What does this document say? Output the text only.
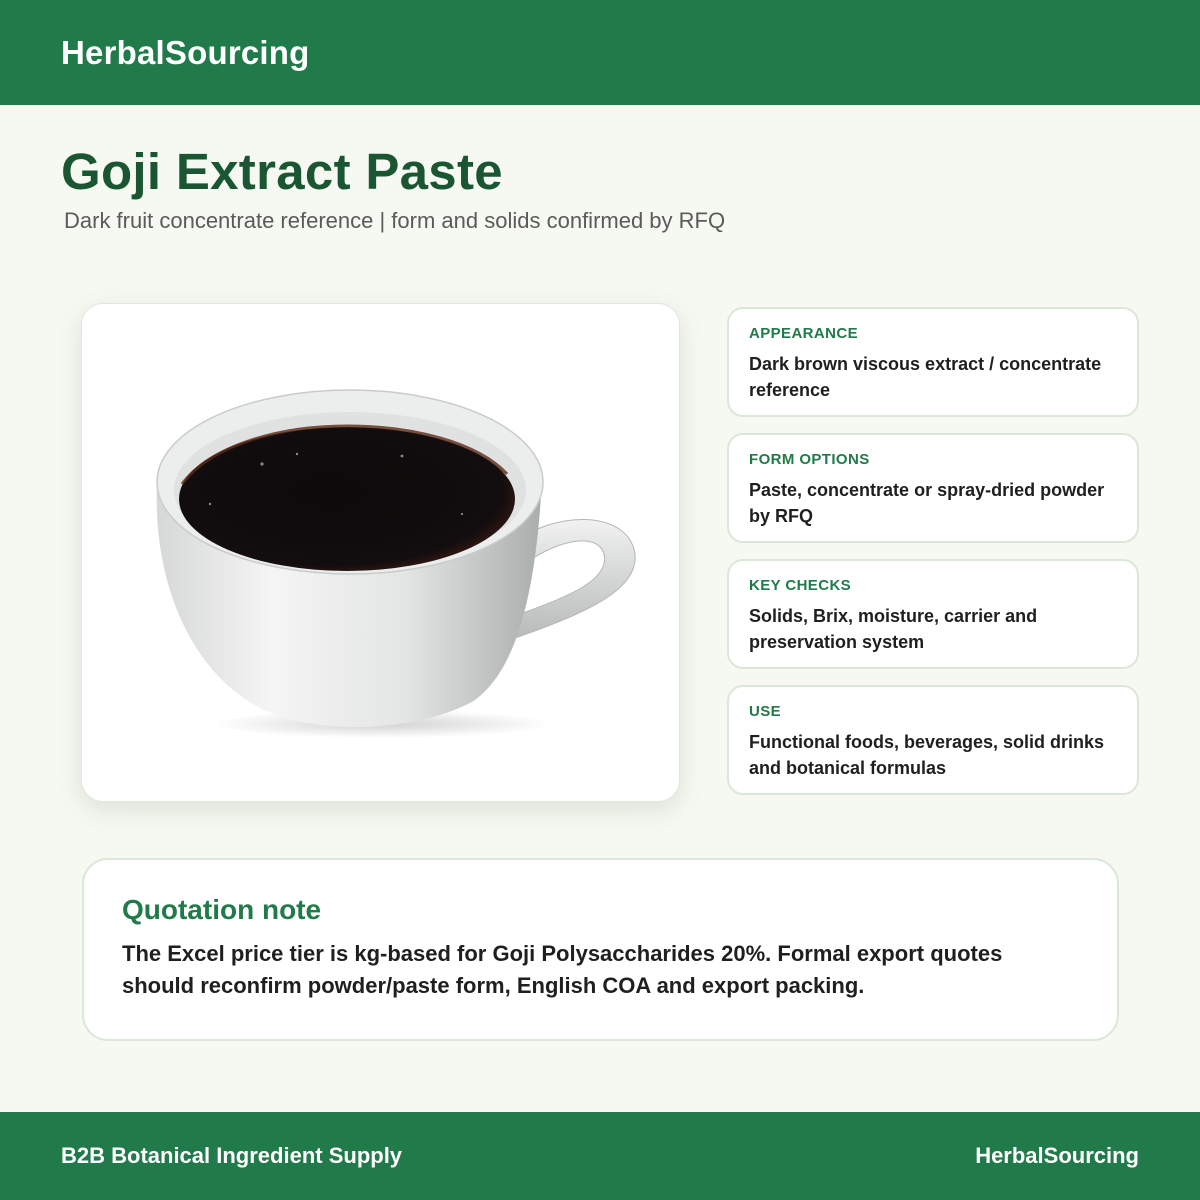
HerbalSourcing
Goji Extract Paste
Dark fruit concentrate reference | form and solids confirmed by RFQ
APPEARANCE
Dark brown viscous extract / concentrate reference
FORM OPTIONS
Paste, concentrate or spray-dried powder by RFQ
KEY CHECKS
Solids, Brix, moisture, carrier and preservation system
USE
Functional foods, beverages, solid drinks and botanical formulas
Quotation note
The Excel price tier is kg-based for Goji Polysaccharides 20%. Formal export quotes should reconfirm powder/paste form, English COA and export packing.
B2B Botanical Ingredient Supply	HerbalSourcing
